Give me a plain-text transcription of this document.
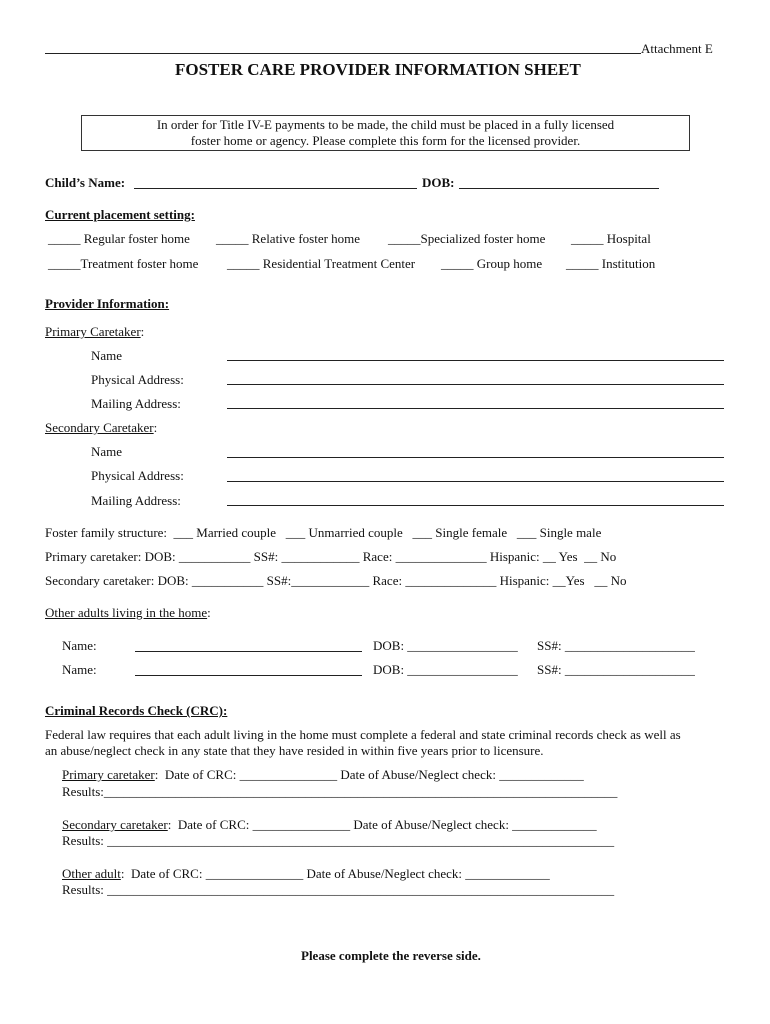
Attachment E
FOSTER CARE PROVIDER INFORMATION SHEET
In order for Title IV-E payments to be made, the child must be placed in a fully licensed
foster home or agency. Please complete this form for the licensed provider.
Child’s Name:	DOB:
Current placement setting:
_____ Regular foster home _____ Relative foster home _____Specialized foster home _____ Hospital
_____Treatment foster home _____ Residential Treatment Center _____ Group home _____ Institution
Provider Information:
Primary Caretaker:
Name
Physical Address:
Mailing Address:
Secondary Caretaker:
Name
Physical Address:
Mailing Address:
Foster family structure:  ___ Married couple   ___ Unmarried couple   ___ Single female   ___ Single male
Primary caretaker: DOB: ___________ SS#: ____________ Race: ______________ Hispanic: __ Yes  __ No
Secondary caretaker: DOB: ___________ SS#:____________ Race: ______________ Hispanic: __Yes   __ No
Other adults living in the home:
Name:	DOB: _________________ SS#: ____________________
Name:	DOB: _________________ SS#: ____________________
Criminal Records Check (CRC):
Federal law requires that each adult living in the home must complete a federal and state criminal records check as well as
an abuse/neglect check in any state that they have resided in within five years prior to licensure.
Primary caretaker:  Date of CRC: _______________ Date of Abuse/Neglect check: _____________
Results:_______________________________________________________________________________
Secondary caretaker:  Date of CRC: _______________ Date of Abuse/Neglect check: _____________
Results: ______________________________________________________________________________
Other adult:  Date of CRC: _______________ Date of Abuse/Neglect check: _____________
Results: ______________________________________________________________________________
Please complete the reverse side.
